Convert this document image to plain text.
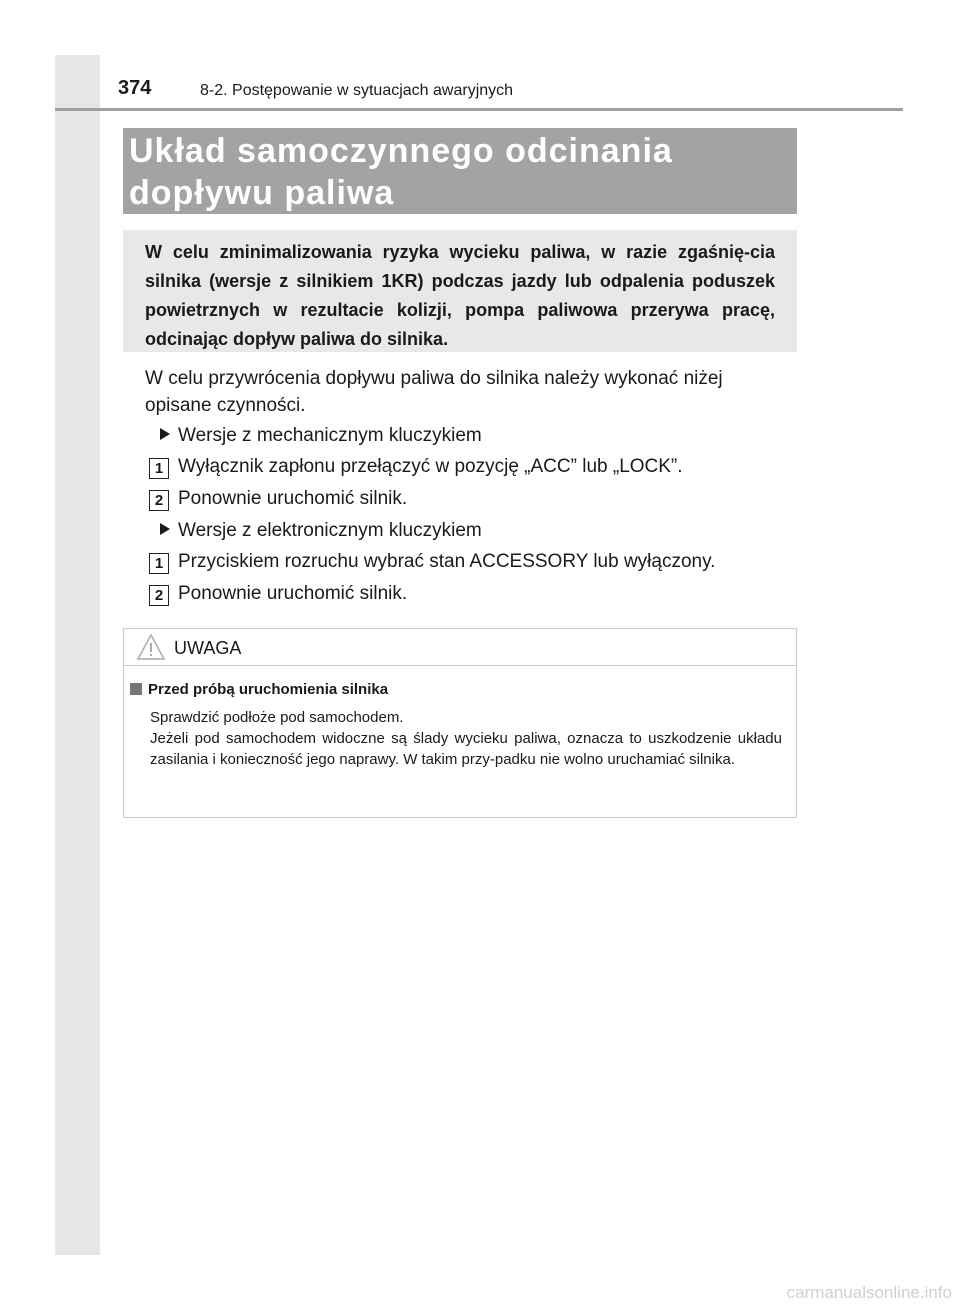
374	8-2. Postępowanie w sytuacjach awaryjnych
Układ samoczynnego odcinania
dopływu paliwa
W celu zminimalizowania ryzyka wycieku paliwa, w razie zgaśnię-cia silnika (wersje z silnikiem 1KR) podczas jazdy lub odpalenia poduszek powietrznych w rezultacie kolizji, pompa paliwowa przerywa pracę, odcinając dopływ paliwa do silnika.
W celu przywrócenia dopływu paliwa do silnika należy wykonać niżej
opisane czynności.
Wersje z mechanicznym kluczykiem
1 Wyłącznik zapłonu przełączyć w pozycję „ACC” lub „LOCK”.
2 Ponownie uruchomić silnik.
Wersje z elektronicznym kluczykiem
1 Przyciskiem rozruchu wybrać stan ACCESSORY lub wyłączony.
2 Ponownie uruchomić silnik.
UWAGA
Przed próbą uruchomienia silnika
Sprawdzić podłoże pod samochodem.
Jeżeli pod samochodem widoczne są ślady wycieku paliwa, oznacza to uszkodzenie układu zasilania i konieczność jego naprawy. W takim przy-padku nie wolno uruchamiać silnika.
carmanualsonline.info
